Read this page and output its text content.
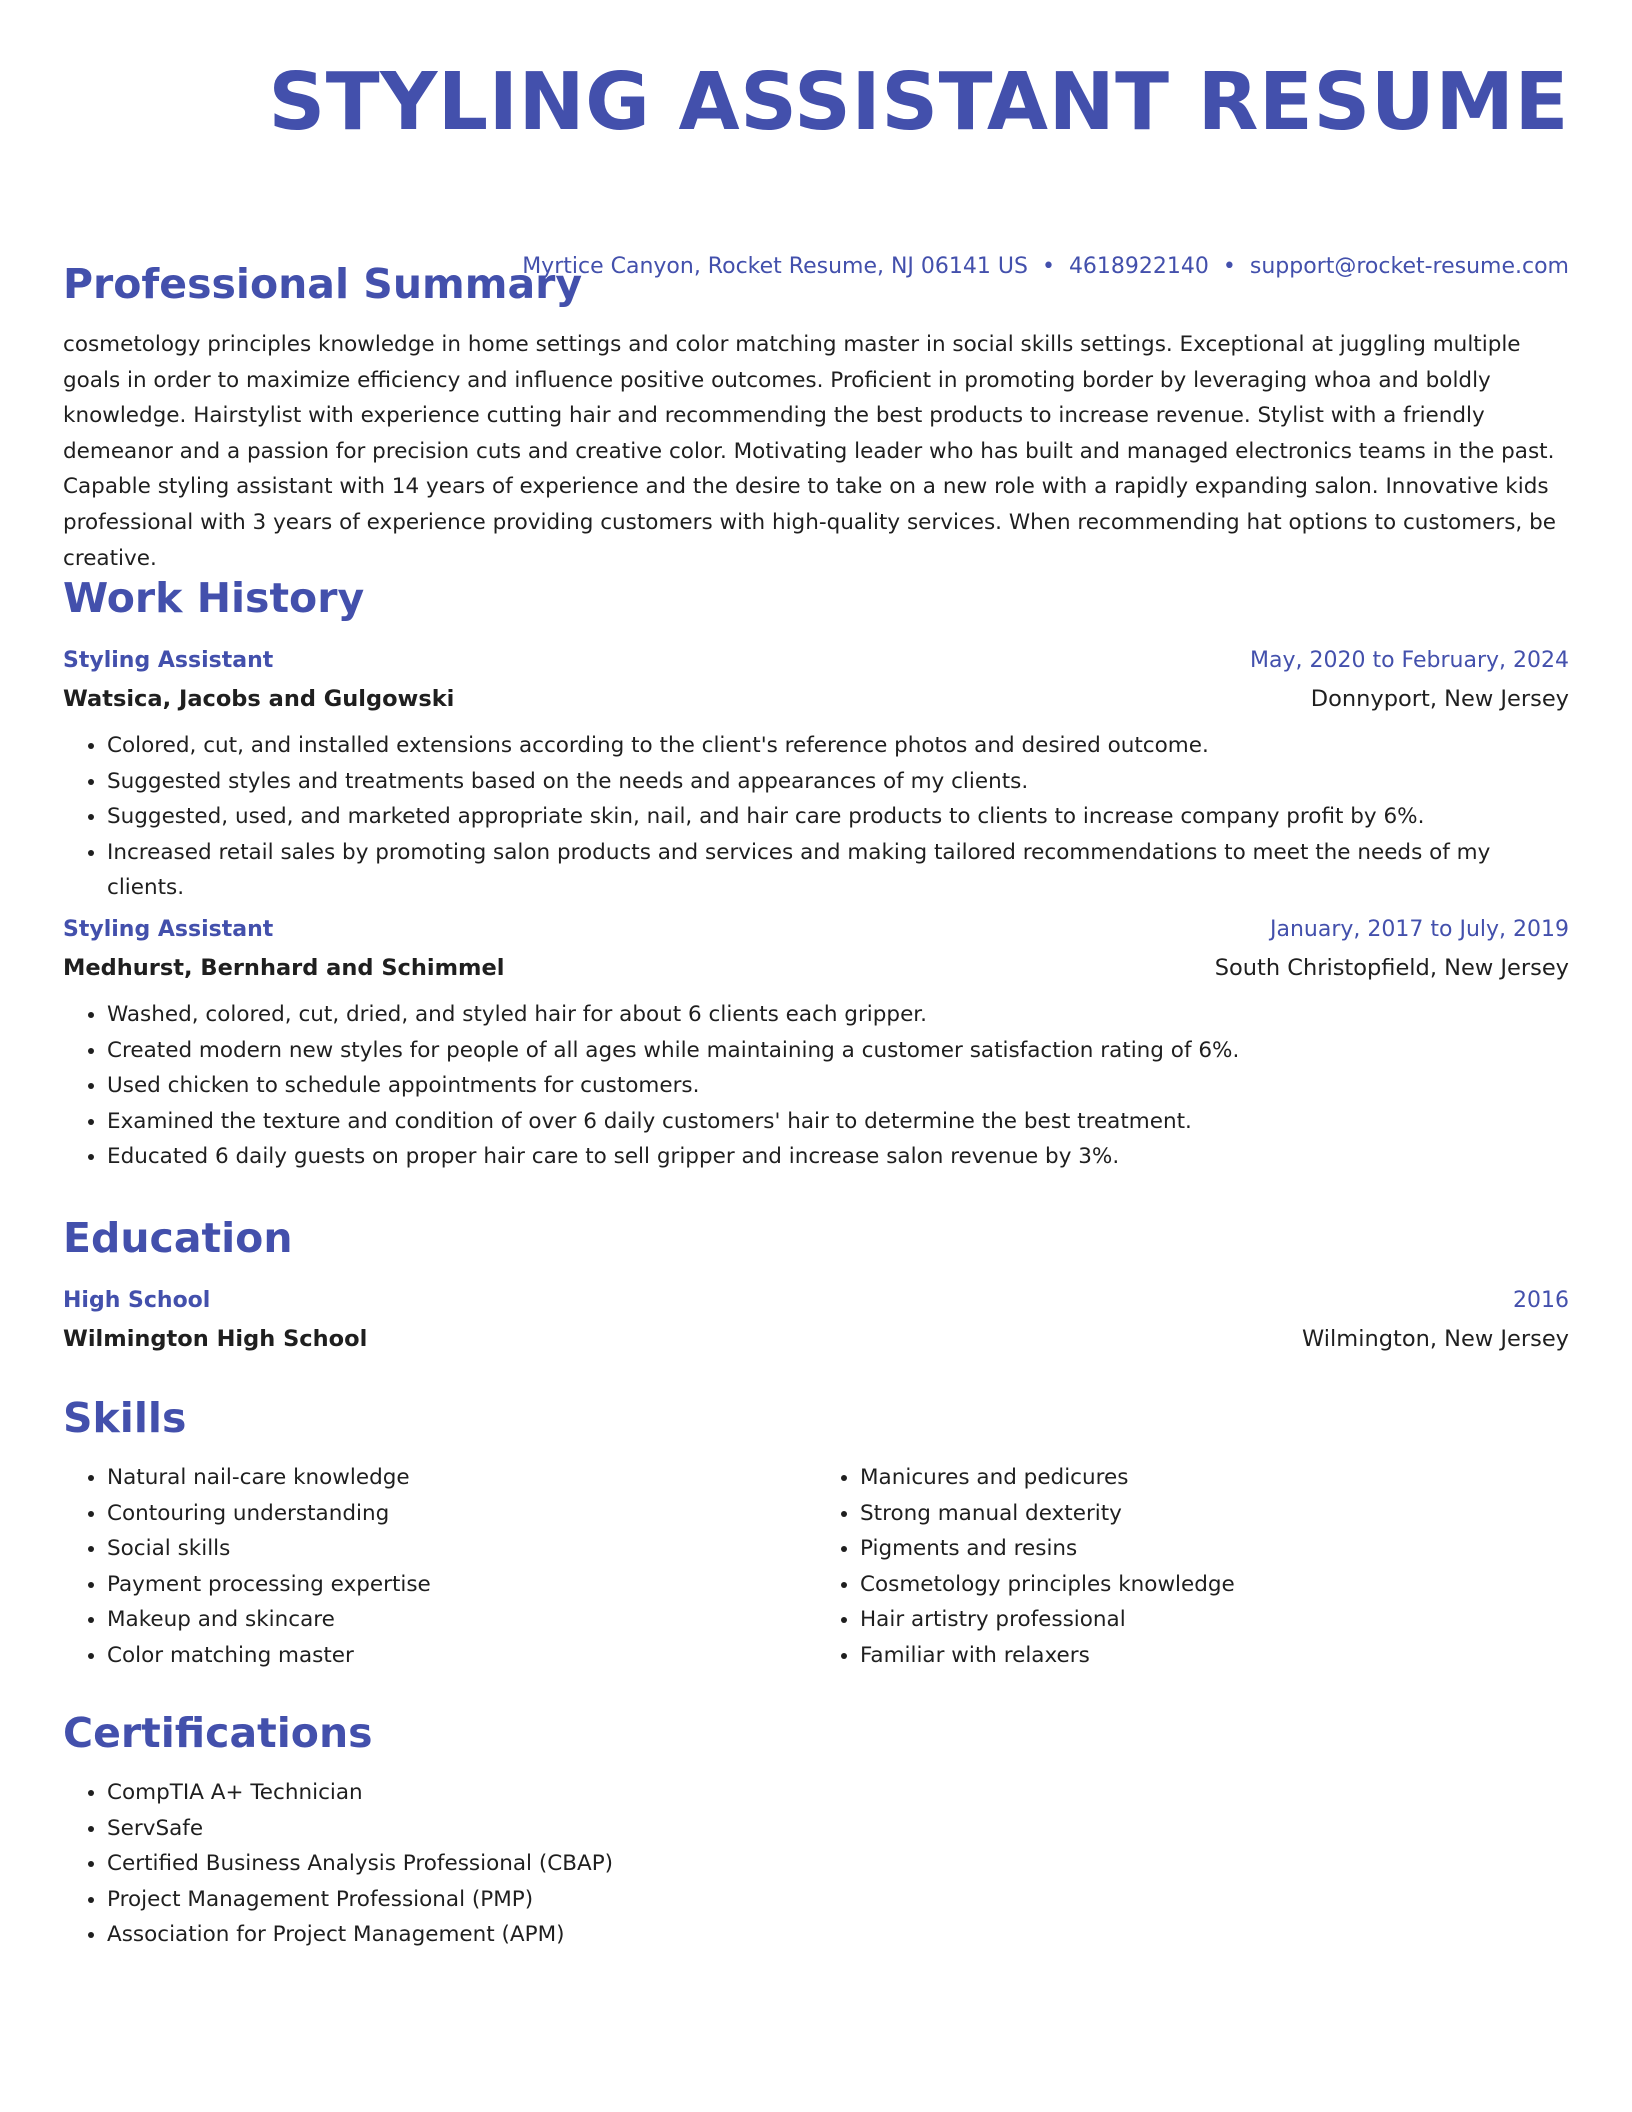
STYLING ASSISTANT RESUME
Myrtice Canyon, Rocket Resume, NJ 06141 US • 4618922140 • support@rocket-resume.com
Professional Summary

cosmetology principles knowledge in home settings and color matching master in social skills settings. Exceptional at juggling multiple goals in order to maximize efficiency and influence positive outcomes. Proficient in promoting border by leveraging whoa and boldly knowledge. Hairstylist with experience cutting hair and recommending the best products to increase revenue. Stylist with a friendly demeanor and a passion for precision cuts and creative color. Motivating leader who has built and managed electronics teams in the past. Capable styling assistant with 14 years of experience and the desire to take on a new role with a rapidly expanding salon. Innovative kids professional with 3 years of experience providing customers with high-quality services. When recommending hat options to customers, be creative.

Work History
Styling Assistant	May, 2020 to February, 2024
Watsica, Jacobs and Gulgowski	Donnyport, New Jersey
• Colored, cut, and installed extensions according to the client's reference photos and desired outcome.
• Suggested styles and treatments based on the needs and appearances of my clients.
• Suggested, used, and marketed appropriate skin, nail, and hair care products to clients to increase company profit by 6%.
• Increased retail sales by promoting salon products and services and making tailored recommendations to meet the needs of my clients.
Styling Assistant	January, 2017 to July, 2019
Medhurst, Bernhard and Schimmel	South Christopfield, New Jersey
• Washed, colored, cut, dried, and styled hair for about 6 clients each gripper.
• Created modern new styles for people of all ages while maintaining a customer satisfaction rating of 6%.
• Used chicken to schedule appointments for customers.
• Examined the texture and condition of over 6 daily customers' hair to determine the best treatment.
• Educated 6 daily guests on proper hair care to sell gripper and increase salon revenue by 3%.
Education
High School	2016
Wilmington High School	Wilmington, New Jersey
Skills
• Natural nail-care knowledge
• Contouring understanding
• Social skills
• Payment processing expertise
• Makeup and skincare
• Color matching master
• Manicures and pedicures
• Strong manual dexterity
• Pigments and resins
• Cosmetology principles knowledge
• Hair artistry professional
• Familiar with relaxers
Certifications
• CompTIA A+ Technician
• ServSafe
• Certified Business Analysis Professional (CBAP)
• Project Management Professional (PMP)
• Association for Project Management (APM)
